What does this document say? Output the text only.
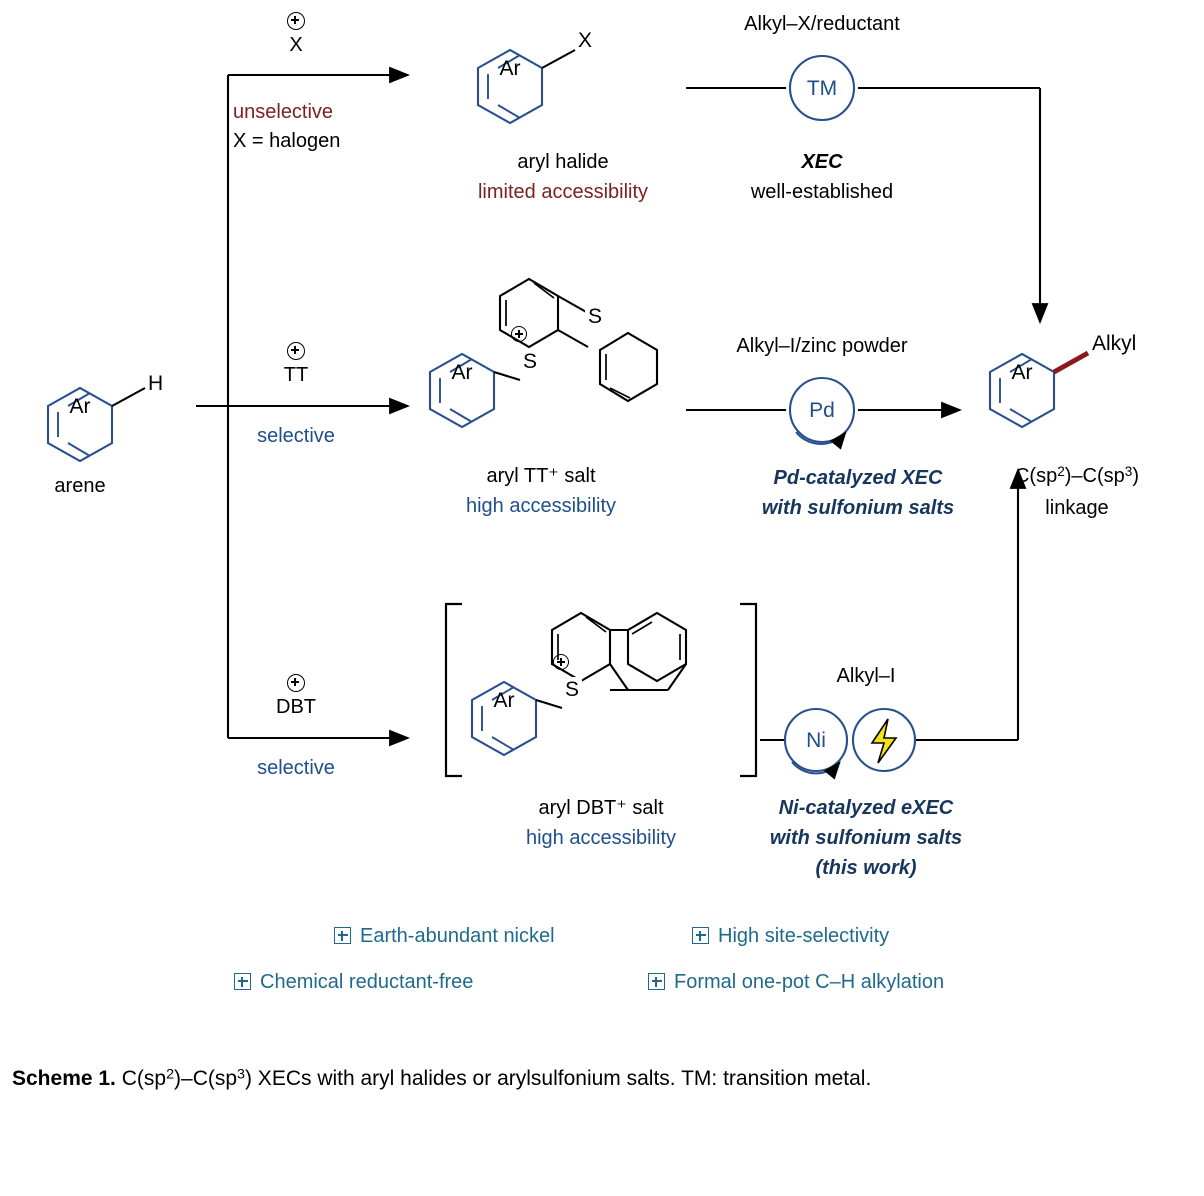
Ar
H
arene
X
unselective
X = halogen
Ar
X
aryl halide
limited accessibility
Alkyl–X/reductant
TM
XEC
well-established
TT
selective
Ar S
S
aryl TT⁺ salt
high accessibility
Alkyl–I/zinc powder
Pd
Pd-catalyzed XEC
with sulfonium salts
DBT
selective
Ar S
aryl DBT⁺ salt
high accessibility
Alkyl–I
Ni
Ni-catalyzed eXEC
with sulfonium salts
(this work)
Ar
Alkyl
$C(sp^2)-C(sp^3)$
linkage
Earth-abundant nickel	High site-selectivity
Chemical reductant-free	Formal one-pot C–H alkylation
Scheme 1. $C(sp^2)-C(sp^3)$ XECs with aryl halides or arylsulfonium salts. TM: transition metal.
